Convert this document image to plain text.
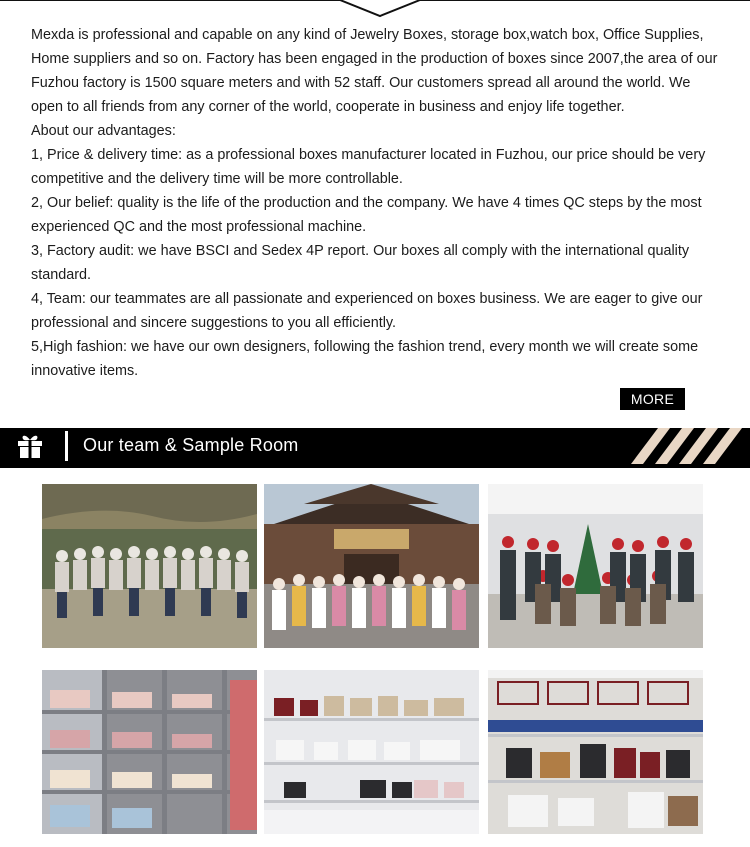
Mexda is professional and capable on any kind of Jewelry Boxes, storage box,watch box, Office Supplies, Home suppliers and so on. Factory has been engaged in the production of boxes since 2007,the area of our Fuzhou factory is 1500 square meters and with 52 staff. Our customers spread all around the world. We open to all friends from any corner of the world, cooperate in business and enjoy life together.

About our advantages:

1, Price & delivery time: as a professional boxes manufacturer located in Fuzhou, our price should be very competitive and the delivery time will be more controllable.

2, Our belief: quality is the life of the production and the company. We have 4 times QC steps by the most experienced QC and the most professional machine.

3, Factory audit: we have BSCI and Sedex 4P report. Our boxes all comply with the international quality standard.

4, Team: our teammates are all passionate and experienced on boxes business. We are eager to give our professional and sincere suggestions to you all efficiently.

5,High fashion: we have our own designers, following the fashion trend, every month we will create some innovative items.

MORE
Our team & Sample Room
